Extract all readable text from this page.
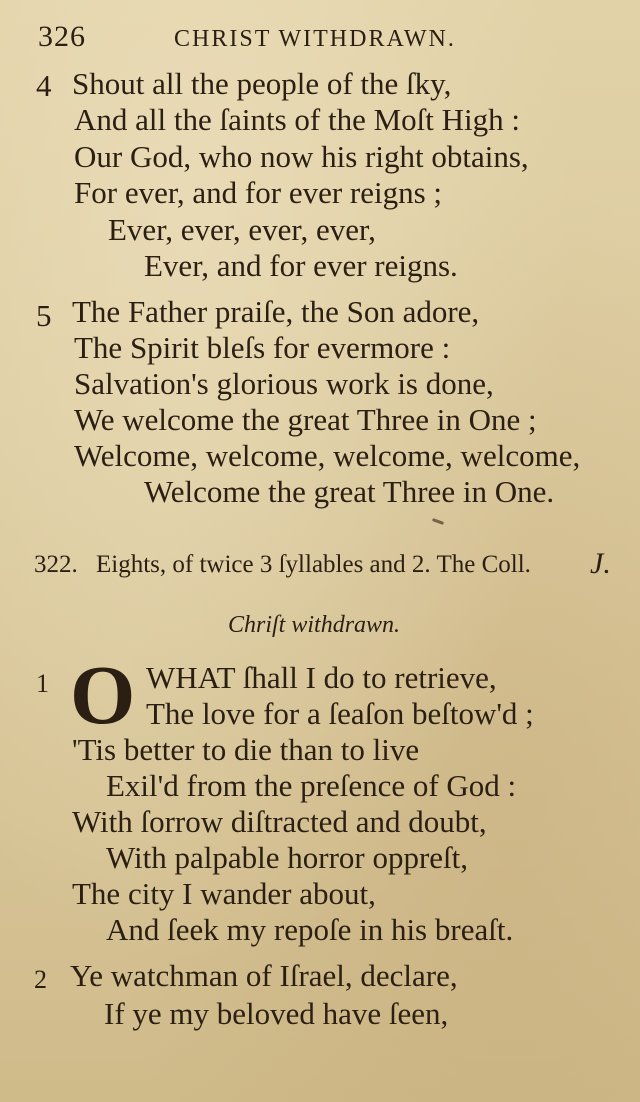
326	CHRIST WITHDRAWN.
4 Shout all the people of the ſky,
And all the ſaints of the Moſt High :
Our God, who now his right obtains,
For ever, and for ever reigns ;
Ever, ever, ever, ever,
Ever, and for ever reigns.
5 The Father praiſe, the Son adore,
The Spirit bleſs for evermore :
Salvation's glorious work is done,
We welcome the great Three in One ;
Welcome, welcome, welcome, welcome,
Welcome the great Three in One.
322. Eights, of twice 3 ſyllables and 2. The Coll. J.
Chriſt withdrawn.
1 O WHAT ſhall I do to retrieve,
The love for a ſeaſon beſtow'd ;
'Tis better to die than to live
Exil'd from the preſence of God :
With ſorrow diſtracted and doubt,
With palpable horror oppreſt,
The city I wander about,
And ſeek my repoſe in his breaſt.
2 Ye watchman of Iſrael, declare,
If ye my beloved have ſeen,
